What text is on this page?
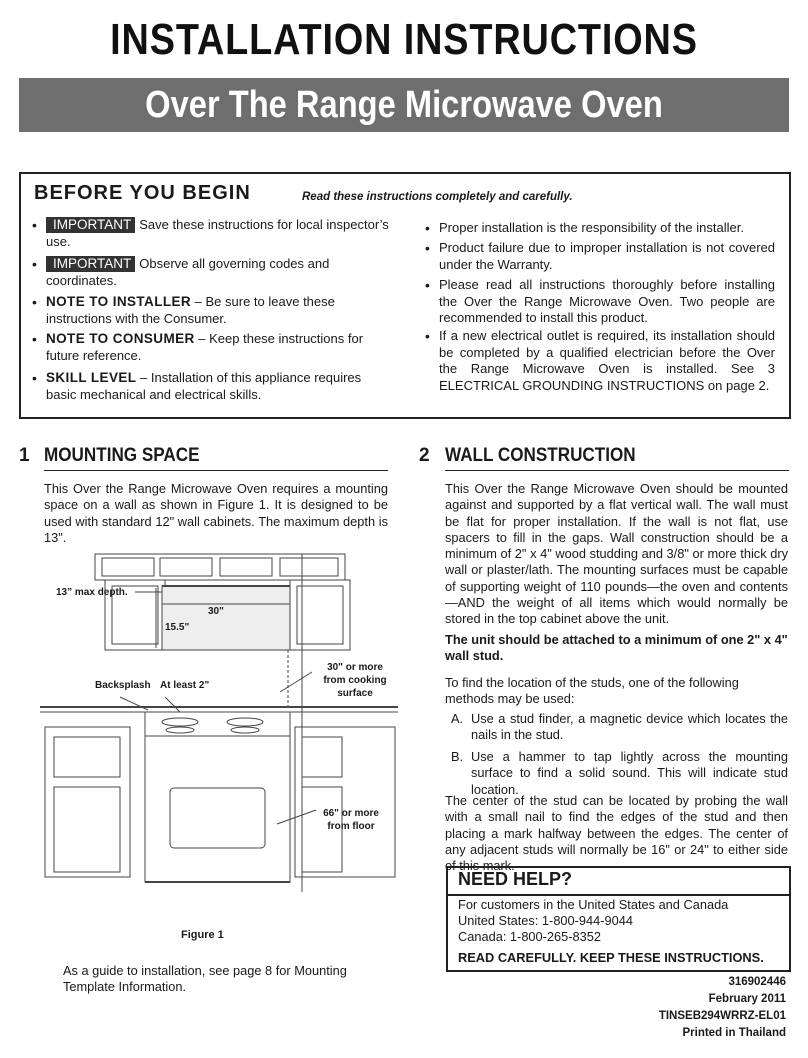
INSTALLATION INSTRUCTIONS
Over The Range Microwave Oven
BEFORE YOU BEGIN	Read these instructions completely and carefully.
• IMPORTANT Save these instructions for local inspector’s use.
• IMPORTANT Observe all governing codes and coordinates.
• NOTE TO INSTALLER – Be sure to leave these instructions with the Consumer.
• NOTE TO CONSUMER – Keep these instructions for future reference.
• SKILL LEVEL – Installation of this appliance requires basic mechanical and electrical skills.
• Proper installation is the responsibility of the installer.
• Product failure due to improper installation is not covered under the Warranty.
• Please read all instructions thoroughly before installing the Over the Range Microwave Oven. Two people are recommended to install this product.
• If a new electrical outlet is required, its installation should be completed by a qualified electrician before the Over the Range Microwave Oven is installed. See 3 ELECTRICAL GROUNDING INSTRUCTIONS on page 2.
1 MOUNTING SPACE
This Over the Range Microwave Oven requires a mounting space on a wall as shown in Figure 1. It is designed to be used with standard 12" wall cabinets. The maximum depth is 13".
13” max depth.
30"
15.5"
Backsplash At least 2"
30" or more from cooking surface
66" or more from floor
Figure 1
As a guide to installation, see page 8 for Mounting Template Information.
2 WALL CONSTRUCTION
This Over the Range Microwave Oven should be mounted against and supported by a flat vertical wall. The wall must be flat for proper installation. If the wall is not flat, use spacers to fill in the gaps. Wall construction should be a minimum of 2" x 4" wood studding and 3/8" or more thick dry wall or plaster/lath. The mounting surfaces must be capable of supporting weight of 110 pounds—the oven and contents—AND the weight of all items which would normally be stored in the top cabinet above the unit.
The unit should be attached to a minimum of one 2" x 4" wall stud.
To find the location of the studs, one of the following methods may be used:
A. Use a stud finder, a magnetic device which locates the nails in the stud.
B. Use a hammer to tap lightly across the mounting surface to find a solid sound. This will indicate stud location.
The center of the stud can be located by probing the wall with a small nail to find the edges of the stud and then placing a mark halfway between the edges. The center of any adjacent studs will normally be 16" or 24" to either side of this mark.
NEED HELP?
For customers in the United States and Canada
United States: 1-800-944-9044
Canada: 1-800-265-8352
READ CAREFULLY. KEEP THESE INSTRUCTIONS.
316902446
February 2011
TINSEB294WRRZ-EL01
Printed in Thailand
